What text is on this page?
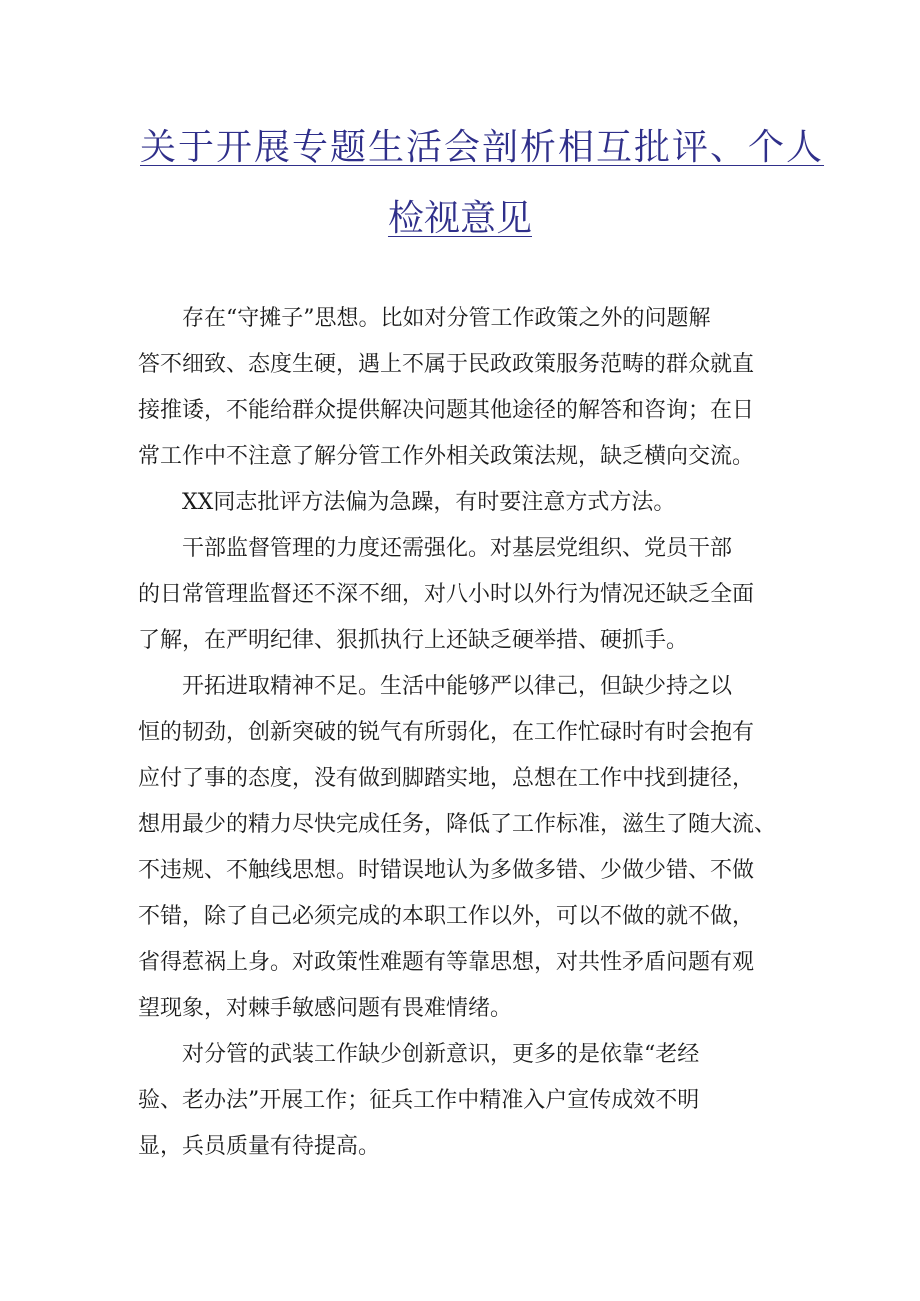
关于开展专题生活会剖析相互批评、个人
检视意见

存在“守摊子”思想。比如对分管工作政策之外的问题解
答不细致、态度生硬，遇上不属于民政政策服务范畴的群众就直
接推诿，不能给群众提供解决问题其他途径的解答和咨询；在日
常工作中不注意了解分管工作外相关政策法规，缺乏横向交流。

XX同志批评方法偏为急躁，有时要注意方式方法。

干部监督管理的力度还需强化。对基层党组织、党员干部
的日常管理监督还不深不细，对八小时以外行为情况还缺乏全面
了解，在严明纪律、狠抓执行上还缺乏硬举措、硬抓手。

开拓进取精神不足。生活中能够严以律己，但缺少持之以
恒的韧劲，创新突破的锐气有所弱化，在工作忙碌时有时会抱有
应付了事的态度，没有做到脚踏实地，总想在工作中找到捷径，
想用最少的精力尽快完成任务，降低了工作标准，滋生了随大流、
不违规、不触线思想。时错误地认为多做多错、少做少错、不做
不错，除了自己必须完成的本职工作以外，可以不做的就不做，
省得惹祸上身。对政策性难题有等靠思想，对共性矛盾问题有观
望现象，对棘手敏感问题有畏难情绪。

对分管的武装工作缺少创新意识，更多的是依靠“老经
验、老办法”开展工作；征兵工作中精准入户宣传成效不明
显，兵员质量有待提高。
